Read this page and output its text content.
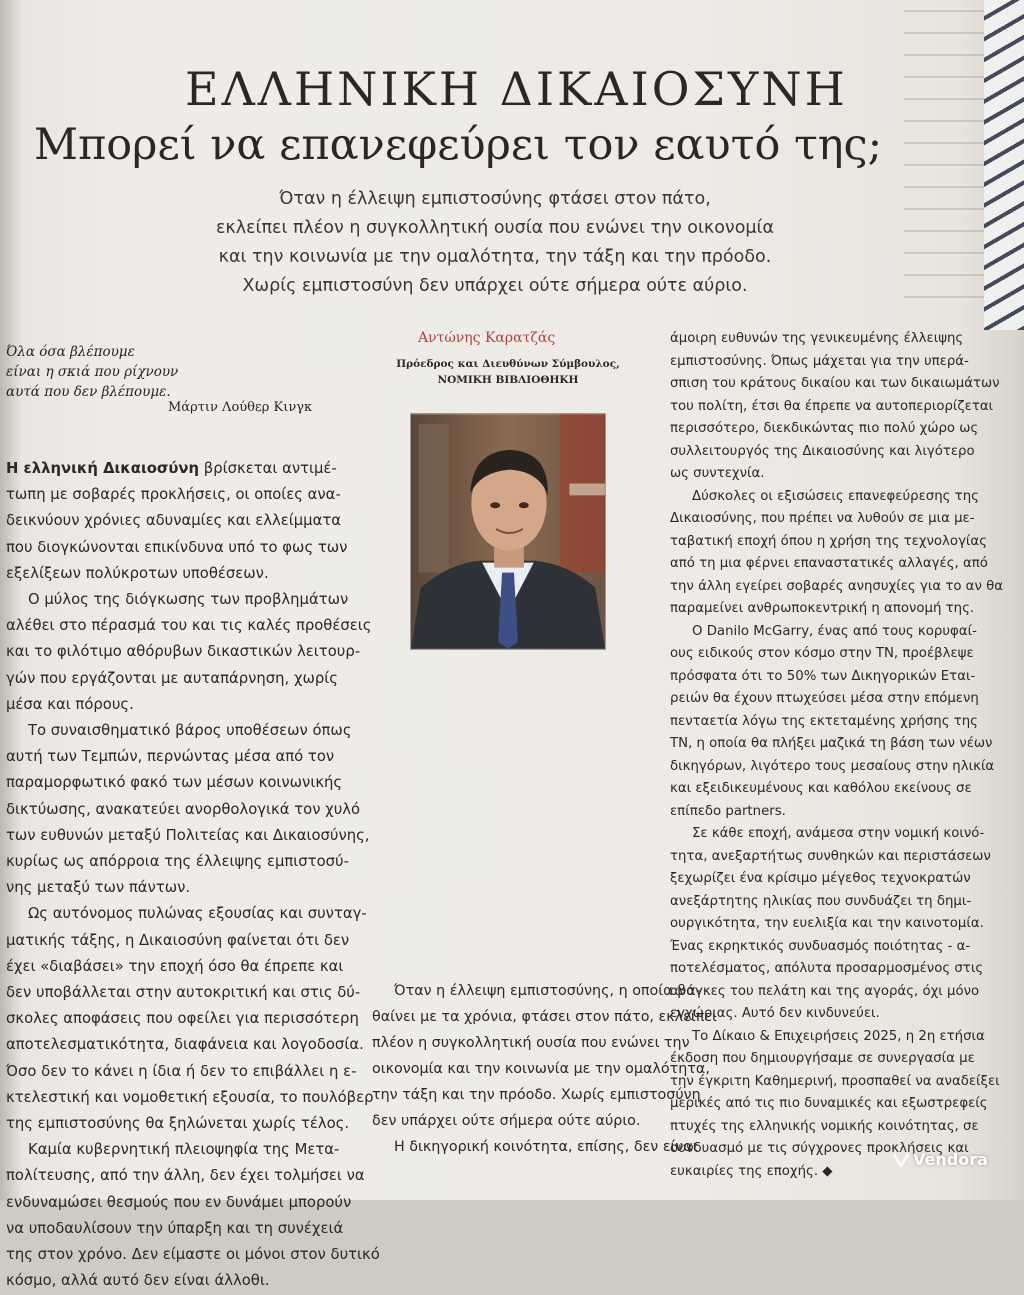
ΕΛΛΗΝΙΚΗ ΔΙΚΑΙΟΣΥΝΗ
Μπορεί να επανεφεύρει τον εαυτό της;
Όταν η έλλειψη εμπιστοσύνης φτάσει στον πάτο,
εκλείπει πλέον η συγκολλητική ουσία που ενώνει την οικονομία
και την κοινωνία με την ομαλότητα, την τάξη και την πρόοδο.
Χωρίς εμπιστοσύνη δεν υπάρχει ούτε σήμερα ούτε αύριο.
Όλα όσα βλέπουμε
είναι η σκιά που ρίχνουν
αυτά που δεν βλέπουμε.
Μάρτιν Λούθερ Κινγκ
Αντώνης Καρατζάς
Πρόεδρος και Διευθύνων Σύμβουλος,
ΝΟΜΙΚΗ ΒΙΒΛΙΟΘΗΚΗ
Η ελληνική Δικαιοσύνη βρίσκεται αντιμέ-
τωπη με σοβαρές προκλήσεις, οι οποίες ανα-
δεικνύουν χρόνιες αδυναμίες και ελλείμματα
που διογκώνονται επικίνδυνα υπό το φως των
εξελίξεων πολύκροτων υποθέσεων.
Ο μύλος της διόγκωσης των προβλημάτων
αλέθει στο πέρασμά του και τις καλές προθέσεις
και το φιλότιμο αθόρυβων δικαστικών λειτουρ-
γών που εργάζονται με αυταπάρνηση, χωρίς
μέσα και πόρους.
Το συναισθηματικό βάρος υποθέσεων όπως
αυτή των Τεμπών, περνώντας μέσα από τον
παραμορφωτικό φακό των μέσων κοινωνικής
δικτύωσης, ανακατεύει ανορθολογικά τον χυλό
των ευθυνών μεταξύ Πολιτείας και Δικαιοσύνης,
κυρίως ως απόρροια της έλλειψης εμπιστοσύ-
νης μεταξύ των πάντων.
Ως αυτόνομος πυλώνας εξουσίας και συνταγ-
ματικής τάξης, η Δικαιοσύνη φαίνεται ότι δεν
έχει «διαβάσει» την εποχή όσο θα έπρεπε και
δεν υποβάλλεται στην αυτοκριτική και στις δύ-
σκολες αποφάσεις που οφείλει για περισσότερη
αποτελεσματικότητα, διαφάνεια και λογοδοσία.
Όσο δεν το κάνει η ίδια ή δεν το επιβάλλει η ε-
κτελεστική και νομοθετική εξουσία, το πουλόβερ
της εμπιστοσύνης θα ξηλώνεται χωρίς τέλος.
Καμία κυβερνητική πλειοψηφία της Μετα-
πολίτευσης, από την άλλη, δεν έχει τολμήσει να
ενδυναμώσει θεσμούς που εν δυνάμει μπορούν
να υποδαυλίσουν την ύπαρξη και τη συνέχειά
της στον χρόνο. Δεν είμαστε οι μόνοι στον δυτικό
κόσμο, αλλά αυτό δεν είναι άλλοθι.
Όταν η έλλειψη εμπιστοσύνης, η οποία βα-
θαίνει με τα χρόνια, φτάσει στον πάτο, εκλείπει
πλέον η συγκολλητική ουσία που ενώνει την
οικονομία και την κοινωνία με την ομαλότητα,
την τάξη και την πρόοδο. Χωρίς εμπιστοσύνη
δεν υπάρχει ούτε σήμερα ούτε αύριο.
Η δικηγορική κοινότητα, επίσης, δεν είναι
άμοιρη ευθυνών της γενικευμένης έλλειψης
εμπιστοσύνης. Όπως μάχεται για την υπερά-
σπιση του κράτους δικαίου και των δικαιωμάτων
του πολίτη, έτσι θα έπρεπε να αυτοπεριορίζεται
περισσότερο, διεκδικώντας πιο πολύ χώρο ως
συλλειτουργός της Δικαιοσύνης και λιγότερο
ως συντεχνία.
Δύσκολες οι εξισώσεις επανεφεύρεσης της
Δικαιοσύνης, που πρέπει να λυθούν σε μια με-
ταβατική εποχή όπου η χρήση της τεχνολογίας
από τη μια φέρνει επαναστατικές αλλαγές, από
την άλλη εγείρει σοβαρές ανησυχίες για το αν θα
παραμείνει ανθρωποκεντρική η απονομή της.
Ο Danilo McGarry, ένας από τους κορυφαί-
ους ειδικούς στον κόσμο στην ΤΝ, προέβλεψε
πρόσφατα ότι το 50% των Δικηγορικών Εται-
ρειών θα έχουν πτωχεύσει μέσα στην επόμενη
πενταετία λόγω της εκτεταμένης χρήσης της
ΤΝ, η οποία θα πλήξει μαζικά τη βάση των νέων
δικηγόρων, λιγότερο τους μεσαίους στην ηλικία
και εξειδικευμένους και καθόλου εκείνους σε
επίπεδο partners.
Σε κάθε εποχή, ανάμεσα στην νομική κοινό-
τητα, ανεξαρτήτως συνθηκών και περιστάσεων
ξεχωρίζει ένα κρίσιμο μέγεθος τεχνοκρατών
ανεξάρτητης ηλικίας που συνδυάζει τη δημι-
ουργικότητα, την ευελιξία και την καινοτομία.
Ένας εκρηκτικός συνδυασμός ποιότητας - α-
ποτελέσματος, απόλυτα προσαρμοσμένος στις
ανάγκες του πελάτη και της αγοράς, όχι μόνο
εγχώριας. Αυτό δεν κινδυνεύει.
Το Δίκαιο & Επιχειρήσεις 2025, η 2η ετήσια
έκδοση που δημιουργήσαμε σε συνεργασία με
την έγκριτη Καθημερινή, προσπαθεί να αναδείξει
μερικές από τις πιο δυναμικές και εξωστρεφείς
πτυχές της ελληνικής νομικής κοινότητας, σε
συνδυασμό με τις σύγχρονες προκλήσεις και
ευκαιρίες της εποχής. ◆
Vendora
